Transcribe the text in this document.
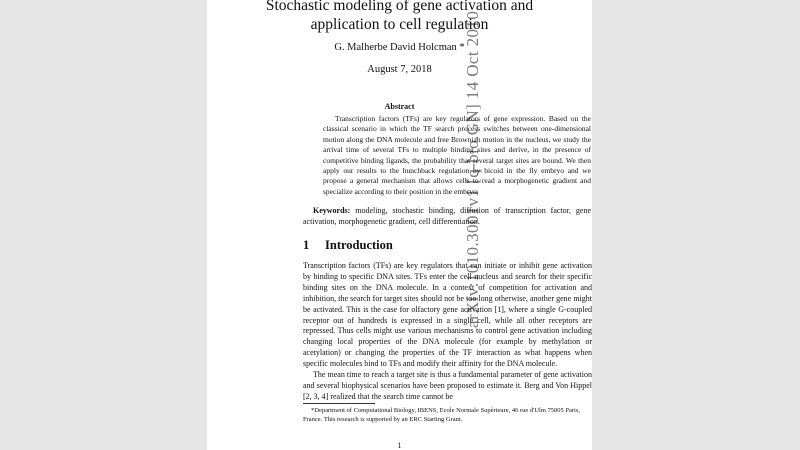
arXiv:1010.3001v1 [q-bio.GN] 14 Oct 2010
Stochastic modeling of gene activation and
application to cell regulation
G. Malherbe David Holcman *
August 7, 2018
Abstract
Transcription factors (TFs) are key regulators of gene expression. Based on the classical scenario in which the TF search process switches between one-dimensional motion along the DNA molecule and free Brownian motion in the nucleus, we study the arrival time of several TFs to multiple binding sites and derive, in the presence of competitive binding ligands, the probability that several target sites are bound. We then apply our results to the hunchback regulation by bicoid in the fly embryo and we propose a general mechanism that allows cells to read a morphogenetic gradient and specialize according to their position in the embryo.
Keywords: modeling, stochastic binding, diffusion of transcription factor, gene activation, morphogenetic gradient, cell differentiation.
1 Introduction

Transcription factors (TFs) are key regulators that can initiate or inhibit gene activation by binding to specific DNA sites. TFs enter the cell nucleus and search for their specific binding sites on the DNA molecule. In a context of competition for activation and inhibition, the search for target sites should not be too long otherwise, another gene might be activated. This is the case for olfactory gene activation [1], where a single G-coupled receptor out of hundreds is expressed in a single cell, while all other receptors are repressed. Thus cells might use various mechanisms to control gene activation including changing local properties of the DNA molecule (for example by methylation or acetylation) or changing the properties of the TF interaction as what happens when specific molecules bind to TFs and modify their affinity for the DNA molecule.

The mean time to reach a target site is thus a fundamental parameter of gene activation and several biophysical scenarios have been proposed to estimate it. Berg and Von Hippel [2, 3, 4] realized that the search time cannot be

*Department of Computational Biology, IBENS, Ecole Normale Supérieure, 46 rue d'Ulm 75005 Paris, France. This research is supported by an ERC Starting Grant.
1
